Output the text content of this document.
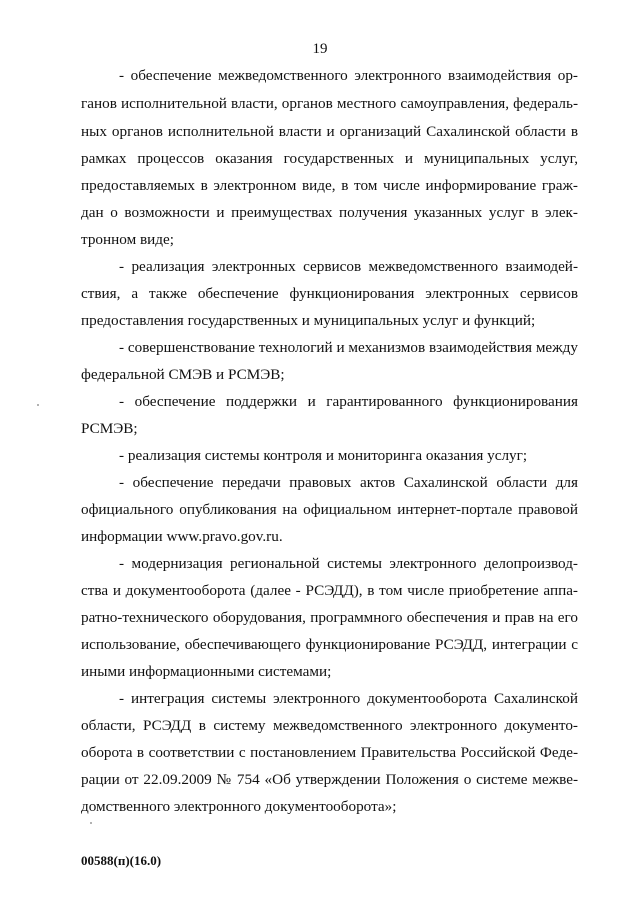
19
- обеспечение межведомственного электронного взаимодействия ор-
ганов исполнительной власти, органов местного самоуправления, федераль-
ных органов исполнительной власти и организаций Сахалинской области в
рамках процессов оказания государственных и муниципальных услуг,
предоставляемых в электронном виде, в том числе информирование граж-
дан о возможности и преимуществах получения указанных услуг в элек-
тронном виде;
- реализация электронных сервисов межведомственного взаимодей-
ствия, а также обеспечение функционирования электронных сервисов
предоставления государственных и муниципальных услуг и функций;
- совершенствование технологий и механизмов взаимодействия между
федеральной СМЭВ и РСМЭВ;
- обеспечение поддержки и гарантированного функционирования
РСМЭВ;
- реализация системы контроля и мониторинга оказания услуг;
- обеспечение передачи правовых актов Сахалинской области для
официального опубликования на официальном интернет-портале правовой
информации www.pravo.gov.ru.
- модернизация региональной системы электронного делопроизвод-
ства и документооборота (далее - РСЭДД), в том числе приобретение аппа-
ратно-технического оборудования, программного обеспечения и прав на его
использование, обеспечивающего функционирование РСЭДД, интеграции с
иными информационными системами;
- интеграция системы электронного документооборота Сахалинской
области, РСЭДД в систему межведомственного электронного документо-
оборота в соответствии с постановлением Правительства Российской Феде-
рации от 22.09.2009 № 754 «Об утверждении Положения о системе межве-
домственного электронного документооборота»;
00588(п)(16.0)
